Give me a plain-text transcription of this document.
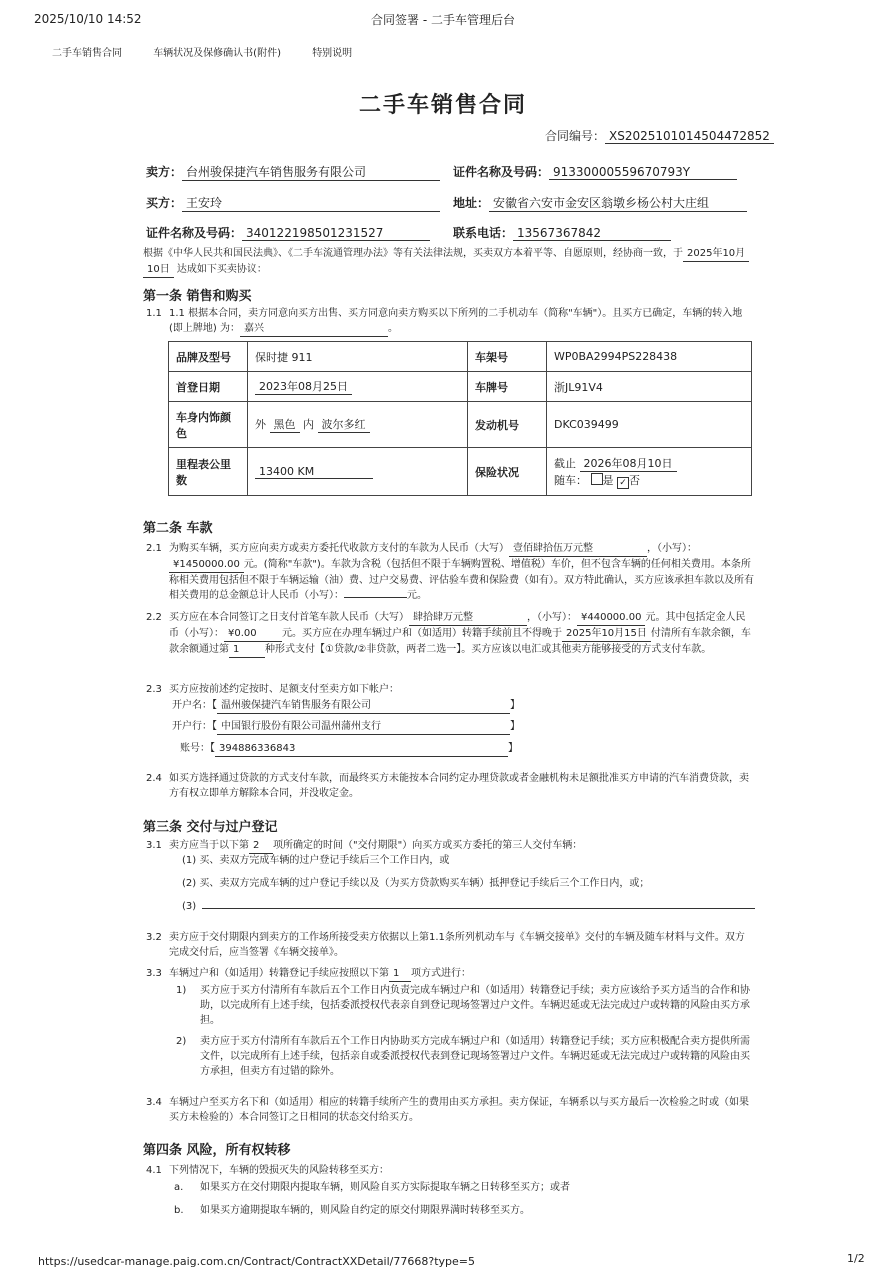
2025/10/10 14:52	合同签署 - 二手车管理后台
二手车销售合同	车辆状况及保修确认书(附件)	特别说明
二手车销售合同
合同编号： XS2025101014504472852
卖方： 台州骏保捷汽车销售服务有限公司	证件名称及号码： 91330000559670793Y
买方： 王安玲	地址： 安徽省六安市金安区翁墩乡杨公村大庄组
证件名称及号码： 340122198501231527	联系电话： 13567367842
根据《中华人民共和国民法典》、《二手车流通管理办法》等有关法律法规，买卖双方本着平等、自愿原则，经协商一致，于 2025年10月
10日 达成如下买卖协议：
第一条 销售和购买
1.1 1.1 根据本合同，卖方同意向买方出售、买方同意向卖方购买以下所列的二手机动车（简称"车辆"）。且买方已确定，车辆的转入地
(即上牌地) 为： 嘉兴	。
品牌及型号	保时捷 911	车架号	WP0BA2994PS228438
首登日期	2023年08月25日	车牌号	浙JL91V4
车身内饰颜色	外 黑色 内 波尔多红	发动机号	DKC039499
里程表公里数	13400 KM	保险状况	截止 2026年08月10日
随车： 是 ✓ 否
第二条 车款
2.1 为购买车辆，买方应向卖方或卖方委托代收款方支付的车款为人民币（大写） 壹佰肆拾伍万元整	，（小写）：¥1450000.00 元。(简称"车款")。车款为含税（包括但不限于车辆购置税、增值税）车价，但不包含车辆的任何相关费用。本条所称相关费用包括但不限于车辆运输（油）费、过户交易费、评估验车费和保险费（如有）。双方特此确认，买方应该承担车款以及所有相关费用的总金额总计人民币（小写）：	元。
2.2 买方应在本合同签订之日支付首笔车款人民币（大写） 肆拾肆万元整	，（小写）： ¥440000.00 元。其中包括定金人民币（小写）： ¥0.00	元。买方应在办理车辆过户和（如适用）转籍手续前且不得晚于 2025年10月15日 付清所有车款余额，车款余额通过第 1	种形式支付【①贷款/②非贷款，两者二选一】。买方应该以电汇或其他卖方能够接受的方式支付车款。
2.3 买方应按前述约定按时、足额支付至卖方如下帐户：
开户名：【 温州骏保捷汽车销售服务有限公司	】
开户行：【 中国银行股份有限公司温州蒲州支行	】
账号：【 394886336843	】
2.4 如买方选择通过贷款的方式支付车款，而最终买方未能按本合同约定办理贷款或者金融机构未足额批准买方申请的汽车消费贷款，卖方有权立即单方解除本合同，并没收定金。
第三条 交付与过户登记
3.1 卖方应当于以下第 2 项所确定的时间（"交付期限"）向买方或买方委托的第三人交付车辆：
(1) 买、卖双方完成车辆的过户登记手续后三个工作日内，或
(2) 买、卖双方完成车辆的过户登记手续以及（为买方贷款购买车辆）抵押登记手续后三个工作日内，或；
(3)
3.2 卖方应于交付期限内到卖方的工作场所接受卖方依据以上第1.1条所列机动车与《车辆交接单》交付的车辆及随车材料与文件。双方完成交付后，应当签署《车辆交接单》。
3.3 车辆过户和（如适用）转籍登记手续应按照以下第 1 项方式进行：
1) 买方应于买方付清所有车款后五个工作日内负责完成车辆过户和（如适用）转籍登记手续；卖方应该给予买方适当的合作和协助，以完成所有上述手续，包括委派授权代表亲自到登记现场签署过户文件。车辆迟延或无法完成过户或转籍的风险由买方承担。
2) 卖方应于买方付清所有车款后五个工作日内协助买方完成车辆过户和（如适用）转籍登记手续；买方应积极配合卖方提供所需文件，以完成所有上述手续，包括亲自或委派授权代表到登记现场签署过户文件。车辆迟延或无法完成过户或转籍的风险由买方承担，但卖方有过错的除外。
3.4 车辆过户至买方名下和（如适用）相应的转籍手续所产生的费用由买方承担。卖方保证，车辆系以与买方最后一次检验之时或（如果买方未检验的）本合同签订之日相同的状态交付给买方。
第四条 风险，所有权转移
4.1 下列情况下，车辆的毁损灭失的风险转移至买方：
a. 如果买方在交付期限内提取车辆，则风险自买方实际提取车辆之日转移至买方；或者
b. 如果买方逾期提取车辆的，则风险自约定的原交付期限界满时转移至买方。
https://usedcar-manage.paig.com.cn/Contract/ContractXXDetail/77668?type=5	1/2
